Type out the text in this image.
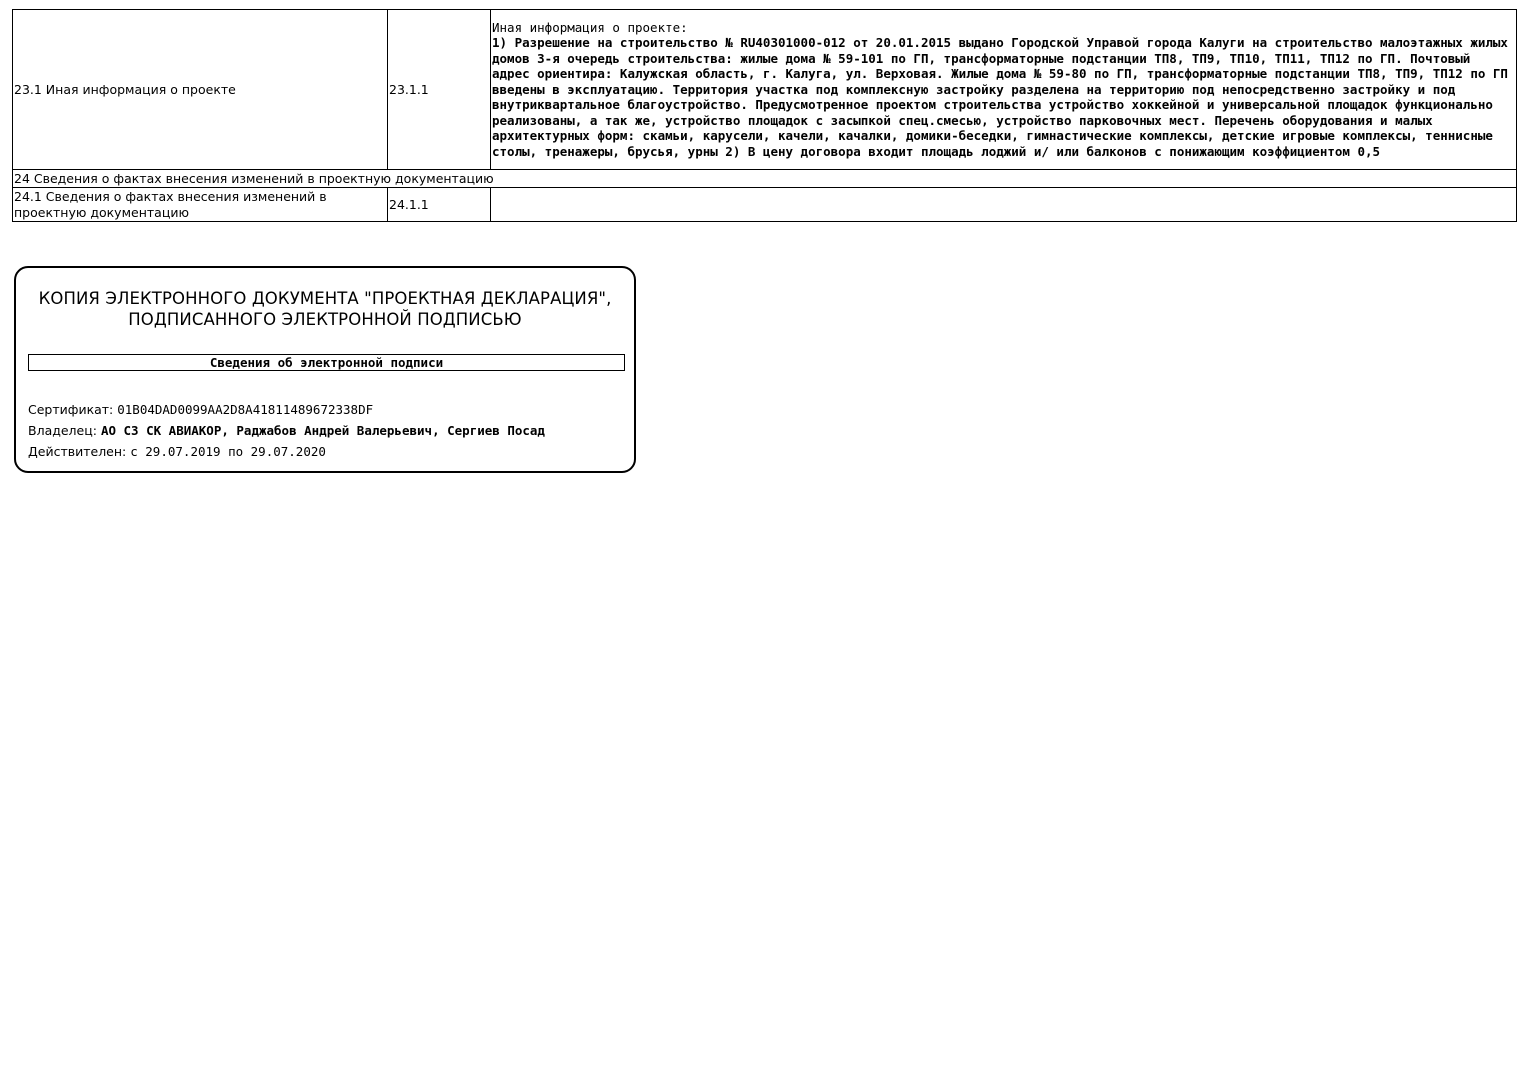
23.1 Иная информация о проекте	23.1.1	Иная информация о проекте:
1) Разрешение на строительство № RU40301000-012 от 20.01.2015 выдано Городской Управой города Калуги на строительство малоэтажных жилых домов 3-я очередь строительства: жилые дома № 59-101 по ГП, трансформаторные подстанции ТП8, ТП9, ТП10, ТП11, ТП12 по ГП. Почтовый адрес ориентира: Калужская область, г. Калуга, ул. Верховая. Жилые дома № 59-80 по ГП, трансформаторные подстанции ТП8, ТП9, ТП12 по ГП введены в эксплуатацию. Территория участка под комплексную застройку разделена на территорию под непосредственно застройку и под внутриквартальное благоустройство. Предусмотренное проектом строительства устройство хоккейной и универсальной площадок функционально реализованы, а так же, устройство площадок с засыпкой спец.смесью, устройство парковочных мест. Перечень оборудования и малых архитектурных форм: скамьи, карусели, качели, качалки, домики-беседки, гимнастические комплексы, детские игровые комплексы, теннисные столы, тренажеры, брусья, урны 2) В цену договора входит площадь лоджий и/ или балконов с понижающим коэффициентом 0,5

24 Сведения о фактах внесения изменений в проектную документацию		
24.1 Сведения о фактах внесения изменений в проектную документацию	24.1.1	
КОПИЯ ЭЛЕКТРОННОГО ДОКУМЕНТА "ПРОЕКТНАЯ ДЕКЛАРАЦИЯ",
ПОДПИСАННОГО ЭЛЕКТРОННОЙ ПОДПИСЬЮ
Сведения об электронной подписи
Сертификат: 01B04DAD0099AA2D8A41811489672338DF
Владелец: АО СЗ СК АВИАКОР, Раджабов Андрей Валерьевич, Сергиев Посад
Действителен: с 29.07.2019 по 29.07.2020
